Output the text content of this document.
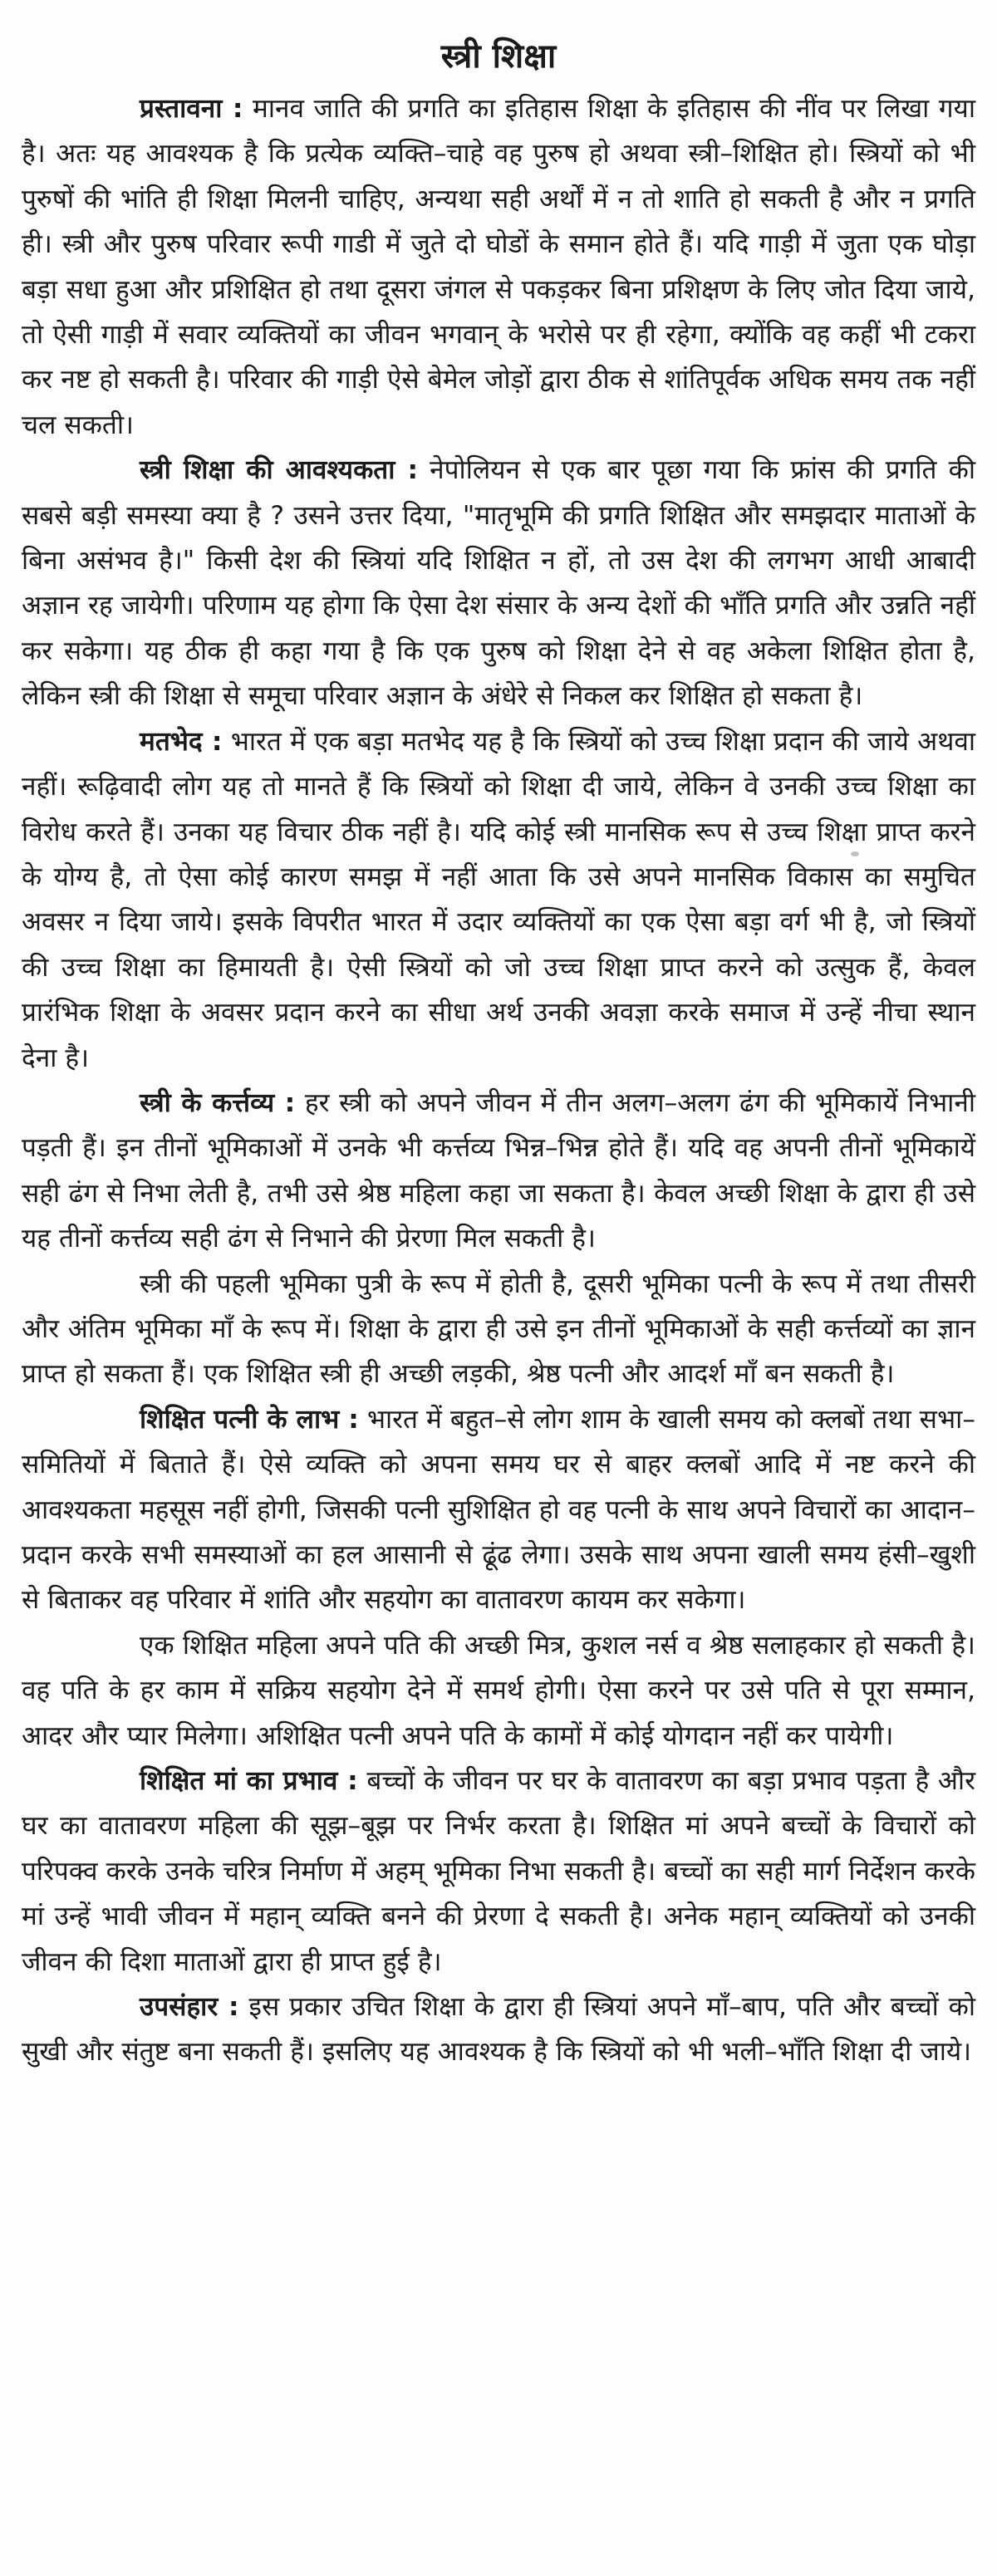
स्त्री शिक्षा

प्रस्तावना : मानव जाति की प्रगति का इतिहास शिक्षा के इतिहास की नींव पर लिखा गया है। अतः यह आवश्यक है कि प्रत्येक व्यक्ति–चाहे वह पुरुष हो अथवा स्त्री–शिक्षित हो। स्त्रियों को भी पुरुषों की भांति ही शिक्षा मिलनी चाहिए, अन्यथा सही अर्थों में न तो शाति हो सकती है और न प्रगति ही। स्त्री और पुरुष परिवार रूपी गाडी में जुते दो घोडों के समान होते हैं। यदि गाड़ी में जुता एक घोड़ा बड़ा सधा हुआ और प्रशिक्षित हो तथा दूसरा जंगल से पकड़कर बिना प्रशिक्षण के लिए जोत दिया जाये, तो ऐसी गाड़ी में सवार व्यक्तियों का जीवन भगवान् के भरोसे पर ही रहेगा, क्योंकि वह कहीं भी टकरा कर नष्ट हो सकती है। परिवार की गाड़ी ऐसे बेमेल जोड़ों द्वारा ठीक से शांतिपूर्वक अधिक समय तक नहीं चल सकती।

स्त्री शिक्षा की आवश्यकता : नेपोलियन से एक बार पूछा गया कि फ्रांस की प्रगति की सबसे बड़ी समस्या क्या है ? उसने उत्तर दिया, "मातृभूमि की प्रगति शिक्षित और समझदार माताओं के बिना असंभव है।" किसी देश की स्त्रियां यदि शिक्षित न हों, तो उस देश की लगभग आधी आबादी अज्ञान रह जायेगी। परिणाम यह होगा कि ऐसा देश संसार के अन्य देशों की भाँति प्रगति और उन्नति नहीं कर सकेगा। यह ठीक ही कहा गया है कि एक पुरुष को शिक्षा देने से वह अकेला शिक्षित होता है, लेकिन स्त्री की शिक्षा से समूचा परिवार अज्ञान के अंधेरे से निकल कर शिक्षित हो सकता है।

मतभेद : भारत में एक बड़ा मतभेद यह है कि स्त्रियों को उच्च शिक्षा प्रदान की जाये अथवा नहीं। रूढ़िवादी लोग यह तो मानते हैं कि स्त्रियों को शिक्षा दी जाये, लेकिन वे उनकी उच्च शिक्षा का विरोध करते हैं। उनका यह विचार ठीक नहीं है। यदि कोई स्त्री मानसिक रूप से उच्च शिक्षा प्राप्त करने के योग्य है, तो ऐसा कोई कारण समझ में नहीं आता कि उसे अपने मानसिक विकास का समुचित अवसर न दिया जाये। इसके विपरीत भारत में उदार व्यक्तियों का एक ऐसा बड़ा वर्ग भी है, जो स्त्रियों की उच्च शिक्षा का हिमायती है। ऐसी स्त्रियों को जो उच्च शिक्षा प्राप्त करने को उत्सुक हैं, केवल प्रारंभिक शिक्षा के अवसर प्रदान करने का सीधा अर्थ उनकी अवज्ञा करके समाज में उन्हें नीचा स्थान देना है।

स्त्री के कर्त्तव्य : हर स्त्री को अपने जीवन में तीन अलग–अलग ढंग की भूमिकायें निभानी पड़ती हैं। इन तीनों भूमिकाओं में उनके भी कर्त्तव्य भिन्न–भिन्न होते हैं। यदि वह अपनी तीनों भूमिकायें सही ढंग से निभा लेती है, तभी उसे श्रेष्ठ महिला कहा जा सकता है। केवल अच्छी शिक्षा के द्वारा ही उसे यह तीनों कर्त्तव्य सही ढंग से निभाने की प्रेरणा मिल सकती है।

स्त्री की पहली भूमिका पुत्री के रूप में होती है, दूसरी भूमिका पत्नी के रूप में तथा तीसरी और अंतिम भूमिका माँ के रूप में। शिक्षा के द्वारा ही उसे इन तीनों भूमिकाओं के सही कर्त्तव्यों का ज्ञान प्राप्त हो सकता हैं। एक शिक्षित स्त्री ही अच्छी लड़की, श्रेष्ठ पत्नी और आदर्श माँ बन सकती है।

शिक्षित पत्नी के लाभ : भारत में बहुत–से लोग शाम के खाली समय को क्लबों तथा सभा–समितियों में बिताते हैं। ऐसे व्यक्ति को अपना समय घर से बाहर क्लबों आदि में नष्ट करने की आवश्यकता महसूस नहीं होगी, जिसकी पत्नी सुशिक्षित हो वह पत्नी के साथ अपने विचारों का आदान–प्रदान करके सभी समस्याओं का हल आसानी से ढूंढ लेगा। उसके साथ अपना खाली समय हंसी–खुशी से बिताकर वह परिवार में शांति और सहयोग का वातावरण कायम कर सकेगा।

एक शिक्षित महिला अपने पति की अच्छी मित्र, कुशल नर्स व श्रेष्ठ सलाहकार हो सकती है। वह पति के हर काम में सक्रिय सहयोग देने में समर्थ होगी। ऐसा करने पर उसे पति से पूरा सम्मान, आदर और प्यार मिलेगा। अशिक्षित पत्नी अपने पति के कामों में कोई योगदान नहीं कर पायेगी।

शिक्षित मां का प्रभाव : बच्चों के जीवन पर घर के वातावरण का बड़ा प्रभाव पड़ता है और घर का वातावरण महिला की सूझ–बूझ पर निर्भर करता है। शिक्षित मां अपने बच्चों के विचारों को परिपक्व करके उनके चरित्र निर्माण में अहम् भूमिका निभा सकती है। बच्चों का सही मार्ग निर्देशन करके मां उन्हें भावी जीवन में महान् व्यक्ति बनने की प्रेरणा दे सकती है। अनेक महान् व्यक्तियों को उनकी जीवन की दिशा माताओं द्वारा ही प्राप्त हुई है।

उपसंहार : इस प्रकार उचित शिक्षा के द्वारा ही स्त्रियां अपने माँ–बाप, पति और बच्चों को सुखी और संतुष्ट बना सकती हैं। इसलिए यह आवश्यक है कि स्त्रियों को भी भली–भाँति शिक्षा दी जाये।
